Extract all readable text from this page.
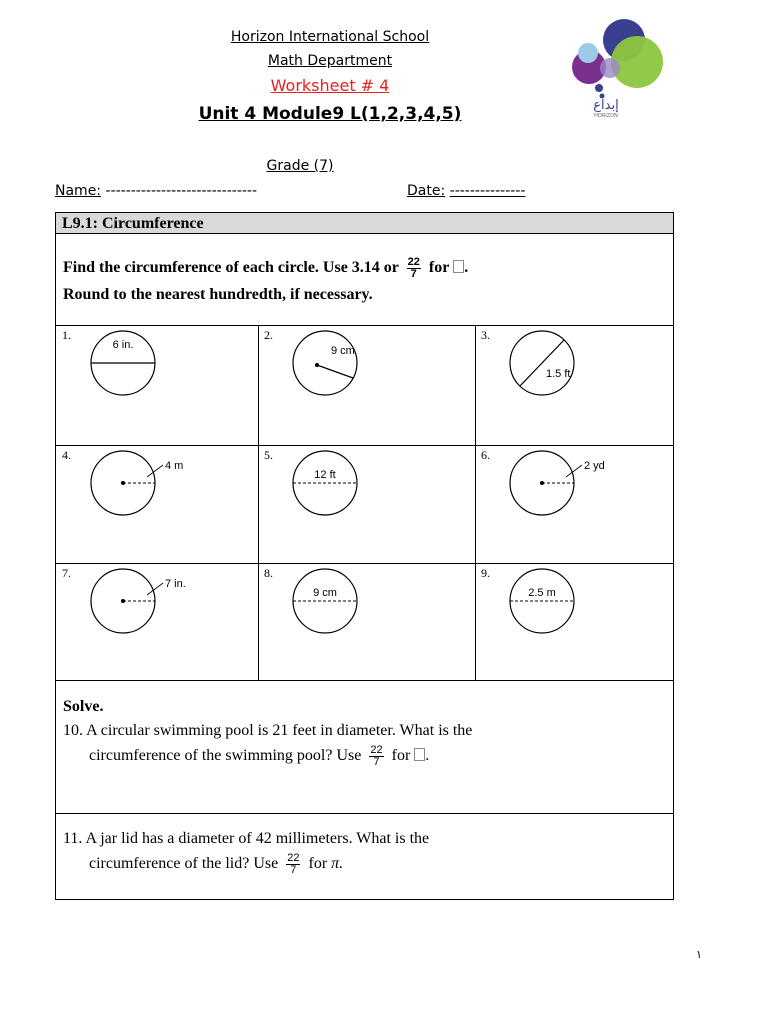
Horizon International School
Math Department
Worksheet # 4
Unit 4 Module9 L(1,2,3,4,5)
Grade (7)
Name: ------------------------------	Date: ---------------
إبداع
HORIZON
L9.1: Circumference
Find the circumference of each circle. Use 3.14 or $\frac{22}{7}$ for .
Round to the nearest hundredth, if necessary.
Solve.
10. A circular swimming pool is 21 feet in diameter. What is the
circumference of the swimming pool? Use $\frac{22}{7}$ for .
11. A jar lid has a diameter of 42 millimeters. What is the
circumference of the lid? Use $\frac{22}{7}$ for π.
1.
6 in.
2.
9 cm
3.
1.5 ft
4.
4 m
5.
12 ft
6.
2 yd
7.
7 in.
8.
9 cm
9.
2.5 m
١
